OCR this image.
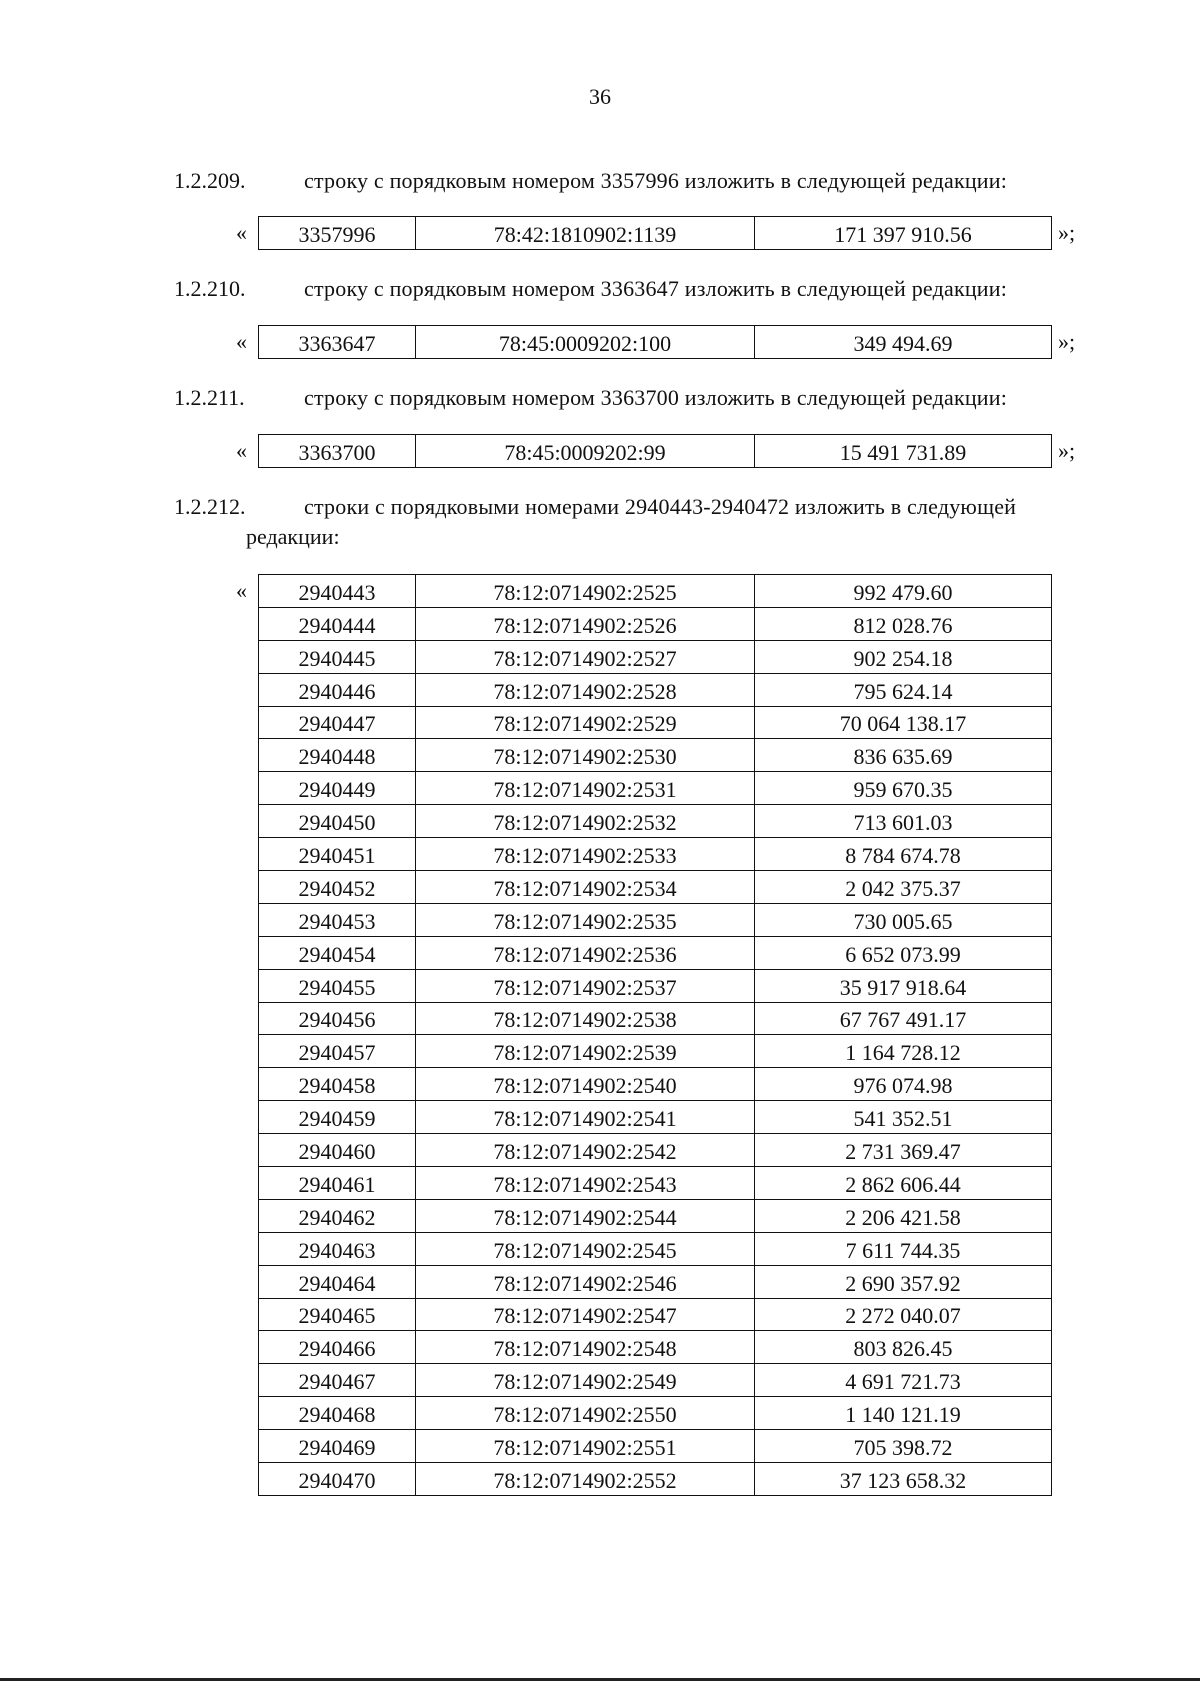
36
1.2.209.	строку с порядковым номером 3357996 изложить в следующей редакции:
« 3357996	78:42:1810902:1139	171 397 910.56	»;
1.2.210.	строку с порядковым номером 3363647 изложить в следующей редакции:
« 3363647	78:45:0009202:100	349 494.69	»;
1.2.211.	строку с порядковым номером 3363700 изложить в следующей редакции:
« 3363700	78:45:0009202:99	15 491 731.89	»;
1.2.212.	строки с порядковыми номерами 2940443-2940472 изложить в следующей
редакции:
« 2940443	78:12:0714902:2525	992 479.60
2940444	78:12:0714902:2526	812 028.76
2940445	78:12:0714902:2527	902 254.18
2940446	78:12:0714902:2528	795 624.14
2940447	78:12:0714902:2529	70 064 138.17
2940448	78:12:0714902:2530	836 635.69
2940449	78:12:0714902:2531	959 670.35
2940450	78:12:0714902:2532	713 601.03
2940451	78:12:0714902:2533	8 784 674.78
2940452	78:12:0714902:2534	2 042 375.37
2940453	78:12:0714902:2535	730 005.65
2940454	78:12:0714902:2536	6 652 073.99
2940455	78:12:0714902:2537	35 917 918.64
2940456	78:12:0714902:2538	67 767 491.17
2940457	78:12:0714902:2539	1 164 728.12
2940458	78:12:0714902:2540	976 074.98
2940459	78:12:0714902:2541	541 352.51
2940460	78:12:0714902:2542	2 731 369.47
2940461	78:12:0714902:2543	2 862 606.44
2940462	78:12:0714902:2544	2 206 421.58
2940463	78:12:0714902:2545	7 611 744.35
2940464	78:12:0714902:2546	2 690 357.92
2940465	78:12:0714902:2547	2 272 040.07
2940466	78:12:0714902:2548	803 826.45
2940467	78:12:0714902:2549	4 691 721.73
2940468	78:12:0714902:2550	1 140 121.19
2940469	78:12:0714902:2551	705 398.72
2940470	78:12:0714902:2552	37 123 658.32
